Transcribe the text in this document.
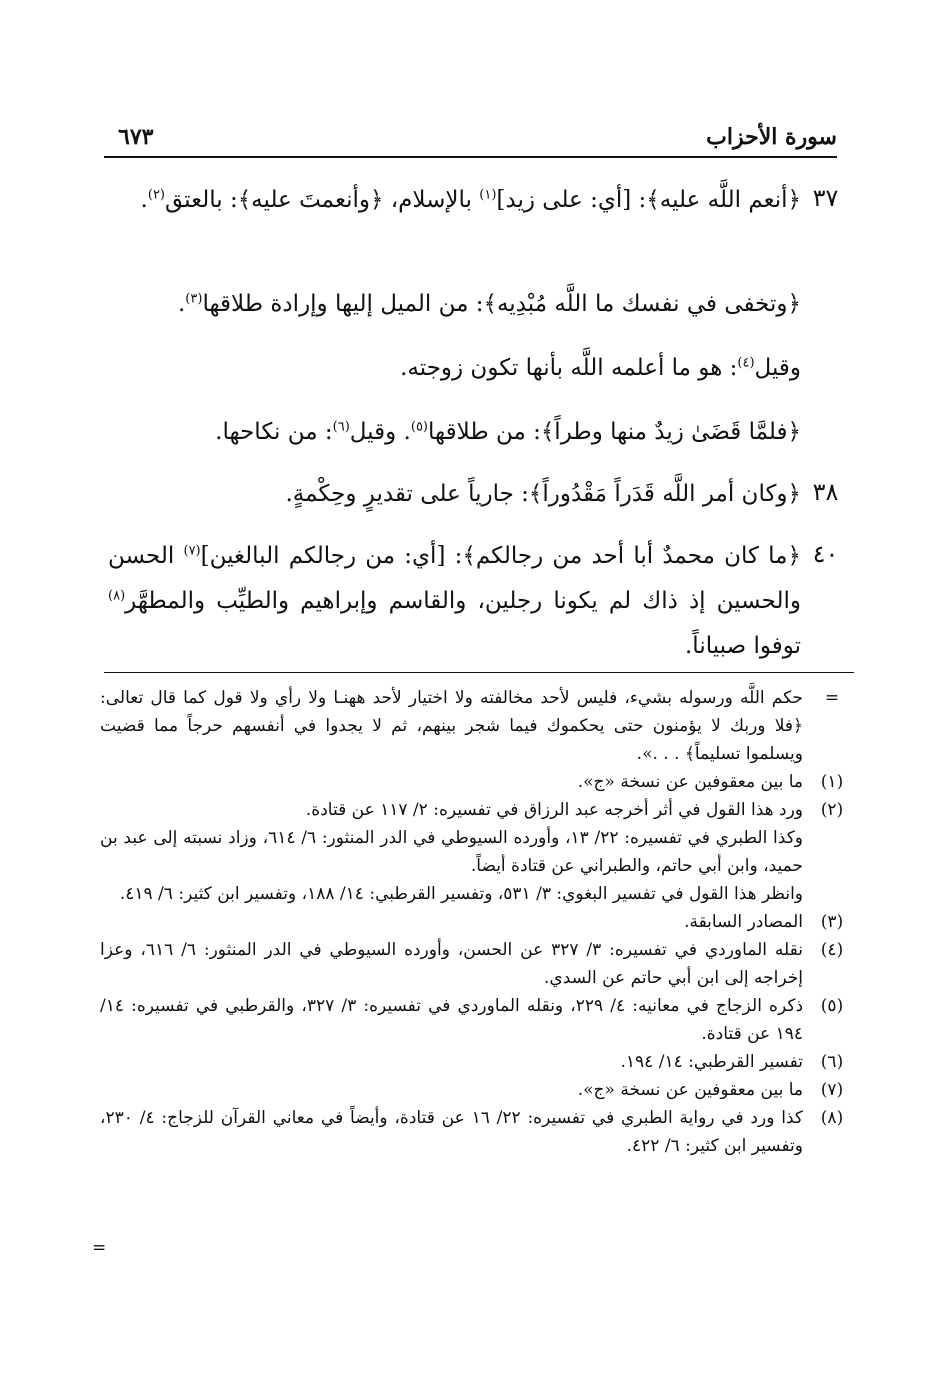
سورة الأحزاب
٦٧٣
٣٧
﴿أنعم اللَّه عليه﴾: [أي: على زيد]$^{(١)}$ بالإسلام، ﴿وأنعمتَ عليه﴾: بالعتق$^{(٢)}$.
﴿وتخفى في نفسك ما اللَّه مُبْدِيه﴾: من الميل إليها وإرادة طلاقها$^{(٣)}$.
وقيل$^{(٤)}$: هو ما أعلمه اللَّه بأنها تكون زوجته.
﴿فلمَّا قَضَىٰ زيدٌ منها وطراً﴾: من طلاقها$^{(٥)}$. وقيل$^{(٦)}$: من نكاحها.
٣٨
﴿وكان أمر اللَّه قَدَراً مَقْدُوراً﴾: جارياً على تقديرٍ وحِكْمةٍ.
٤٠
﴿ما كان محمدٌ أبا أحد من رجالكم﴾: [أي: من رجالكم البالغين]$^{(٧)}$ الحسن والحسين إذ ذاك لم يكونا رجلين، والقاسم وإبراهيم والطيِّب والمطهَّر$^{(٨)}$ توفوا صبياناً.
=
حكم اللَّه ورسوله بشيء، فليس لأحد مخالفته ولا اختيار لأحد ههنـا ولا رأي ولا قول كما قال تعالى: ﴿فلا وربك لا يؤمنون حتى يحكموك فيما شجر بينهم، ثم لا يجدوا في أنفسهم حرجاً مما قضيت ويسلموا تسليماً﴾ . . .».
(١)
ما بين معقوفين عن نسخة «ج».
(٢)
ورد هذا القول في أثر أخرجه عبد الرزاق في تفسيره: ٢/ ١١٧ عن قتادة.
وكذا الطبري في تفسيره: ٢٢/ ١٣، وأورده السيوطي في الدر المنثور: ٦/ ٦١٤، وزاد نسبته إلى عبد بن حميد، وابن أبي حاتم، والطبراني عن قتادة أيضاً.
وانظر هذا القول في تفسير البغوي: ٣/ ٥٣١، وتفسير القرطبي: ١٤/ ١٨٨، وتفسير ابن كثير: ٦/ ٤١٩.
(٣)
المصادر السابقة.
(٤)
نقله الماوردي في تفسيره: ٣/ ٣٢٧ عن الحسن، وأورده السيوطي في الدر المنثور: ٦/ ٦١٦، وعزا إخراجه إلى ابن أبي حاتم عن السدي.
(٥)
ذكره الزجاج في معانيه: ٤/ ٢٢٩، ونقله الماوردي في تفسيره: ٣/ ٣٢٧، والقرطبي في تفسيره: ١٤/ ١٩٤ عن قتادة.
(٦)
تفسير القرطبي: ١٤/ ١٩٤.
(٧)
ما بين معقوفين عن نسخة «ج».
(٨)
كذا ورد في رواية الطبري في تفسيره: ٢٢/ ١٦ عن قتادة، وأيضاً في معاني القرآن للزجاج: ٤/ ٢٣٠، وتفسير ابن كثير: ٦/ ٤٢٢.
=
